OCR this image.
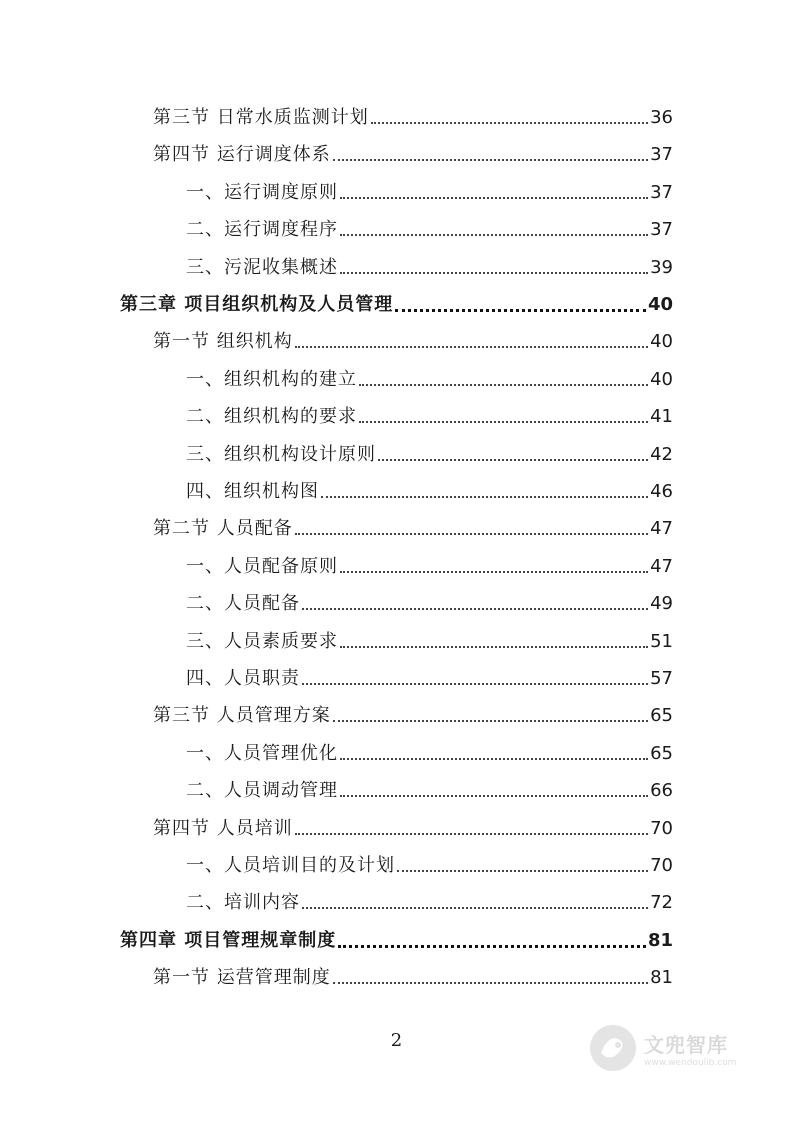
第三节 日常水质监测计划	36
第四节 运行调度体系	37
一、运行调度原则	37
二、运行调度程序	37
三、污泥收集概述	39
第三章 项目组织机构及人员管理	40
第一节 组织机构	40
一、组织机构的建立	40
二、组织机构的要求	41
三、组织机构设计原则	42
四、组织机构图	46
第二节 人员配备	47
一、人员配备原则	47
二、人员配备	49
三、人员素质要求	51
四、人员职责	57
第三节 人员管理方案	65
一、人员管理优化	65
二、人员调动管理	66
第四节 人员培训	70
一、人员培训目的及计划	70
二、培训内容	72
第四章 项目管理规章制度	81
第一节 运营管理制度	81
2	文兜智库
www.wendoulib.com
